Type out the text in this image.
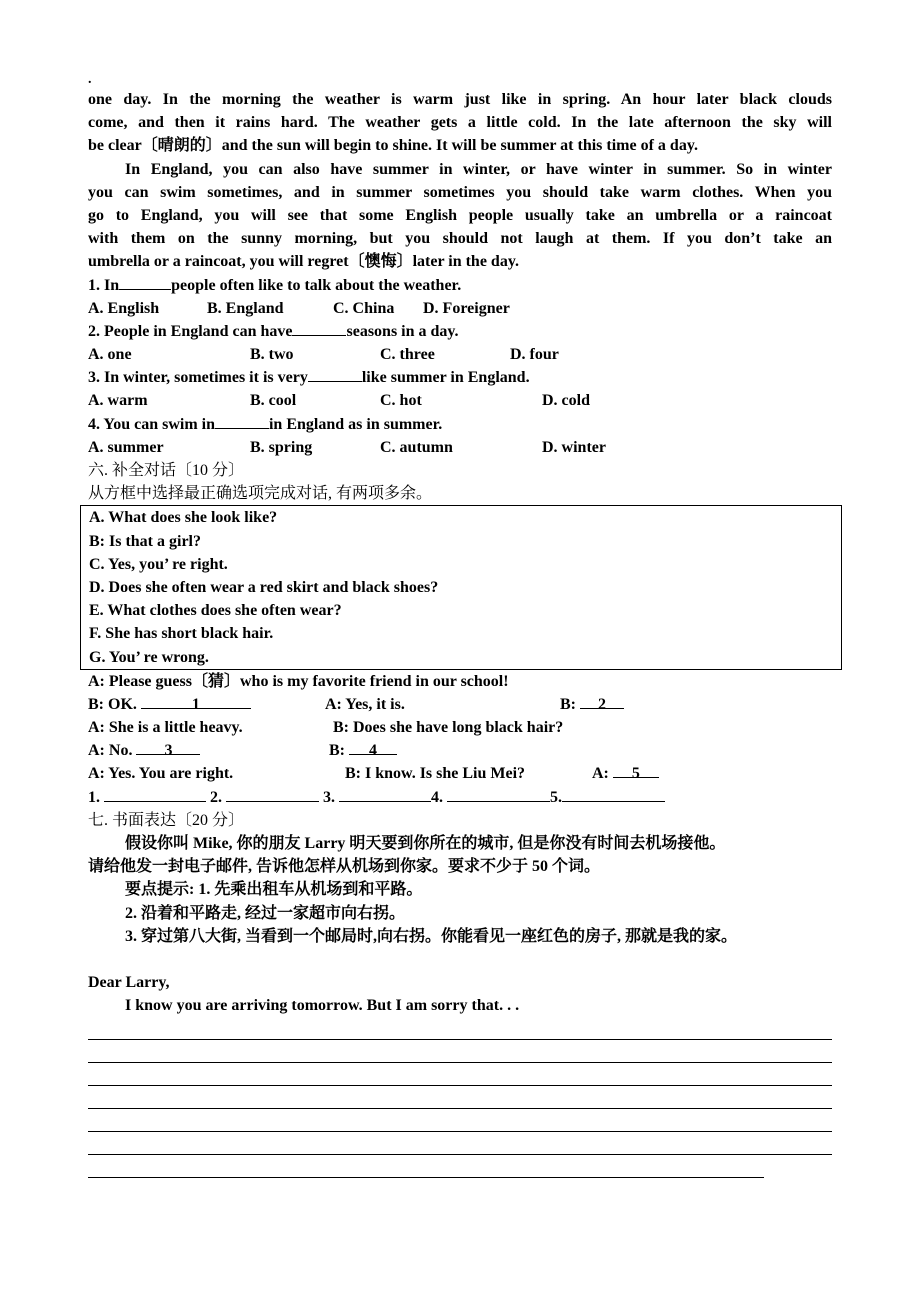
.
one day. In the morning the weather is warm just like in spring. An hour later black clouds
come, and then it rains hard. The weather gets a little cold. In the late afternoon the sky will
be clear〔晴朗的〕and the sun will begin to shine. It will be summer at this time of a day.
In England, you can also have summer in winter, or have winter in summer. So in winter
you can swim sometimes, and in summer sometimes you should take warm clothes. When you
go to England, you will see that some English people usually take an umbrella or a raincoat
with them on the sunny morning, but you should not laugh at them. If you don’t take an
umbrella or a raincoat, you will regret〔懊悔〕later in the day.
1. In	people often like to talk about the weather.
A. English	B. England	C. China D. Foreigner
2. People in England can have	seasons in a day.
A. one	B. two	C. three	D. four
3. In winter, sometimes it is very	like summer in England.
A. warm	B. cool	C. hot	D. cold
4. You can swim in	in England as in summer.
A. summer	B. spring	C. autumn	D. winter
六. 补全对话〔10 分〕
从方框中选择最正确选项完成对话, 有两项多余。
A. What does she look like?
B: Is that a girl?
C. Yes, you’ re right.
D. Does she often wear a red skirt and black shoes?
E. What clothes does she often wear?
F. She has short black hair.
G. You’ re wrong.
A: Please guess〔猜〕who is my favorite friend in our school!
B: OK.	1	A: Yes, it is.	B: 2
A: She is a little heavy.	B: Does she have long black hair?
A: No. 3	B: 4
A: Yes. You are right.	B: I know. Is she Liu Mei?	A: 5
1.	2.	3.	4.	5.
七. 书面表达〔20 分〕
假设你叫 Mike, 你的朋友 Larry 明天要到你所在的城市, 但是你没有时间去机场接他。
请给他发一封电子邮件, 告诉他怎样从机场到你家。要求不少于 50 个词。
要点提示: 1. 先乘出租车从机场到和平路。
2. 沿着和平路走, 经过一家超市向右拐。
3. 穿过第八大街, 当看到一个邮局时,向右拐。你能看见一座红色的房子, 那就是我的家。
Dear Larry,
I know you are arriving tomorrow. But I am sorry that. . .
